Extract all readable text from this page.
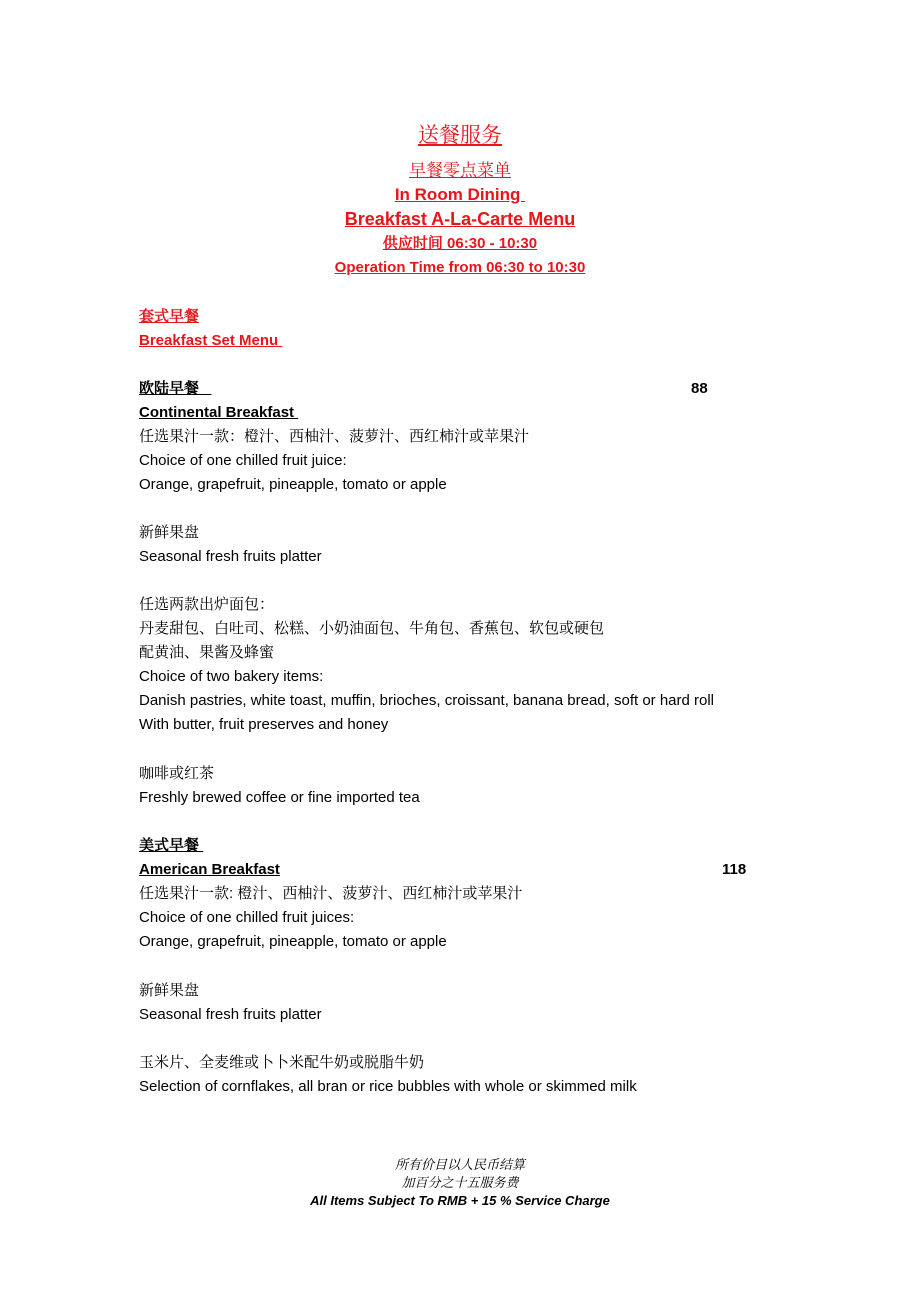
送餐服务
早餐零点菜单
In Room Dining
Breakfast A-La-Carte Menu
供应时间 06:30 - 10:30
Operation Time from 06:30 to 10:30
套式早餐
Breakfast Set Menu
欧陆早餐	88
Continental Breakfast
任选果汁一款：橙汁、西柚汁、菠萝汁、西红柿汁或苹果汁
Choice of one chilled fruit juice:
Orange, grapefruit, pineapple, tomato or apple
新鲜果盘
Seasonal fresh fruits platter
任选两款出炉面包：
丹麦甜包、白吐司、松糕、小奶油面包、牛角包、香蕉包、软包或硬包
配黄油、果酱及蜂蜜
Choice of two bakery items:
Danish pastries, white toast, muffin, brioches, croissant, banana bread, soft or hard roll
With butter, fruit preserves and honey
咖啡或红茶
Freshly brewed coffee or fine imported tea
美式早餐
American Breakfast	118
任选果汁一款: 橙汁、西柚汁、菠萝汁、西红柿汁或苹果汁
Choice of one chilled fruit juices:
Orange, grapefruit, pineapple, tomato or apple
新鲜果盘
Seasonal fresh fruits platter
玉米片、全麦维或卜卜米配牛奶或脱脂牛奶
Selection of cornflakes, all bran or rice bubbles with whole or skimmed milk
所有价目以人民币结算
加百分之十五服务费
All Items Subject To RMB + 15 % Service Charge
